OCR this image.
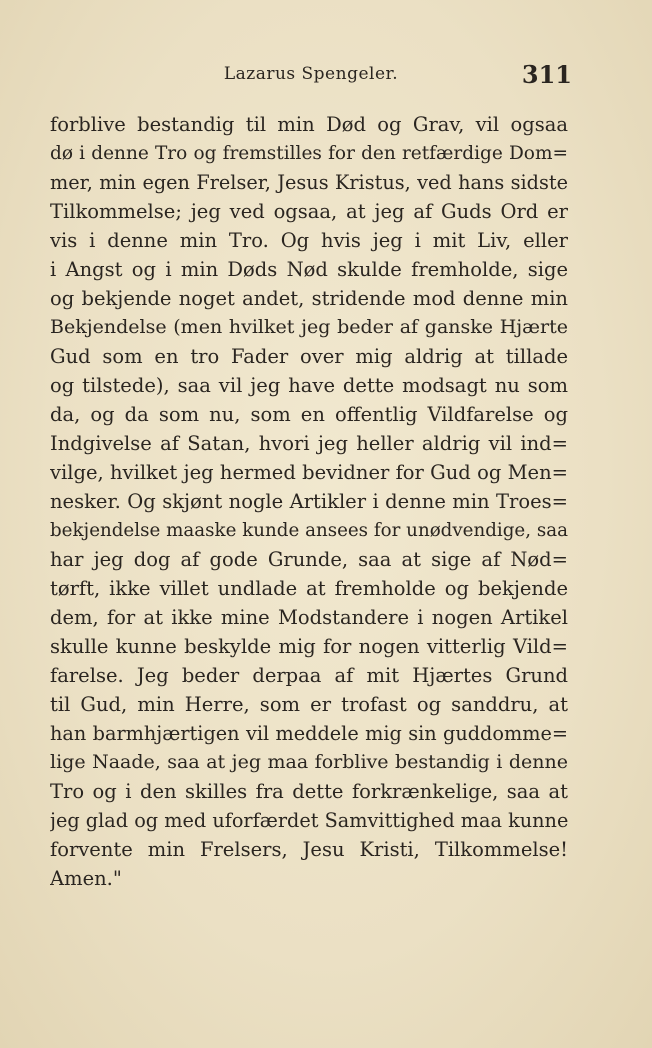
Lazarus Spengeler.	311
forblive bestandig til min Død og Grav, vil ogsaa
dø i denne Tro og fremstilles for den retfærdige Dom=
mer, min egen Frelser, Jesus Kristus, ved hans sidste
Tilkommelse; jeg ved ogsaa, at jeg af Guds Ord er
vis i denne min Tro. Og hvis jeg i mit Liv, eller
i Angst og i min Døds Nød skulde fremholde, sige
og bekjende noget andet, stridende mod denne min
Bekjendelse (men hvilket jeg beder af ganske Hjærte
Gud som en tro Fader over mig aldrig at tillade
og tilstede), saa vil jeg have dette modsagt nu som
da, og da som nu, som en offentlig Vildfarelse og
Indgivelse af Satan, hvori jeg heller aldrig vil ind=
vilge, hvilket jeg hermed bevidner for Gud og Men=
nesker. Og skjønt nogle Artikler i denne min Troes=
bekjendelse maaske kunde ansees for unødvendige, saa
har jeg dog af gode Grunde, saa at sige af Nød=
tørft, ikke villet undlade at fremholde og bekjende
dem, for at ikke mine Modstandere i nogen Artikel
skulle kunne beskylde mig for nogen vitterlig Vild=
farelse. Jeg beder derpaa af mit Hjærtes Grund
til Gud, min Herre, som er trofast og sanddru, at
han barmhjærtigen vil meddele mig sin guddomme=
lige Naade, saa at jeg maa forblive bestandig i denne
Tro og i den skilles fra dette forkrænkelige, saa at
jeg glad og med uforfærdet Samvittighed maa kunne
forvente min Frelsers, Jesu Kristi, Tilkommelse!
Amen."
